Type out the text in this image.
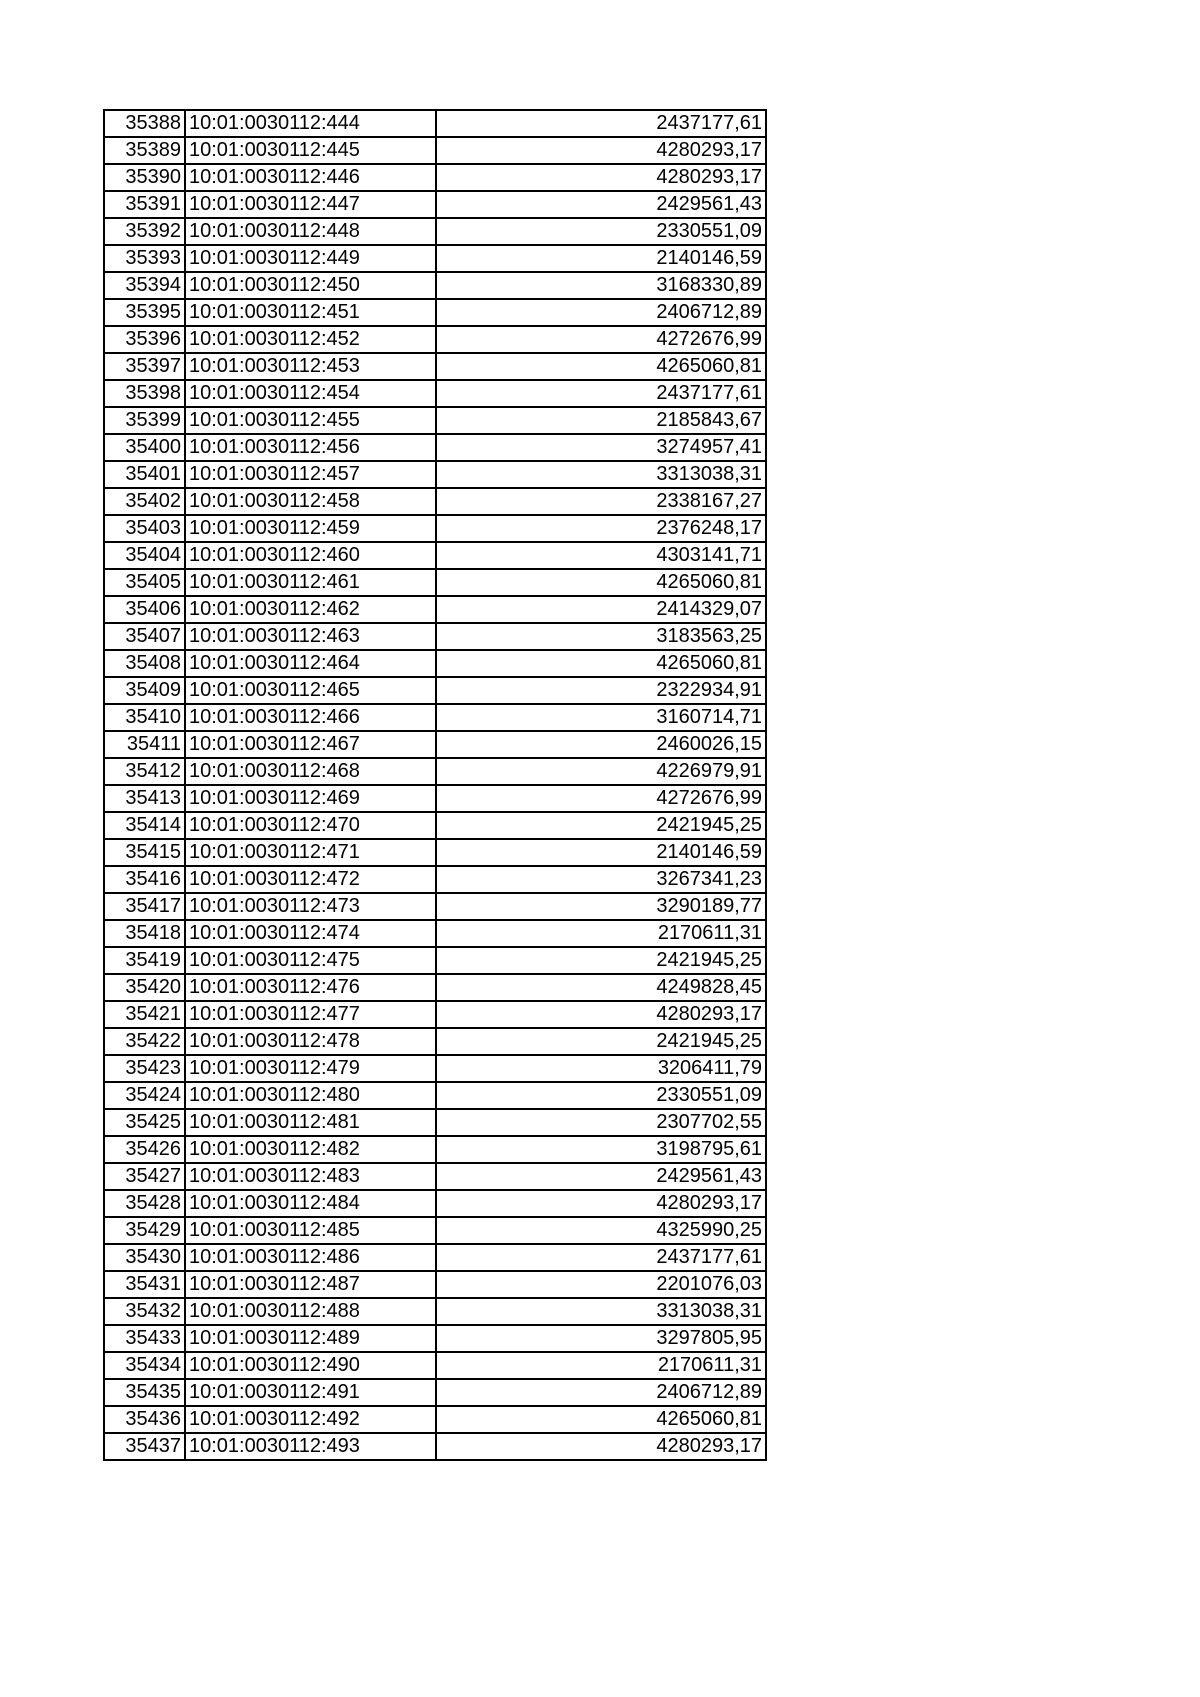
35388	10:01:0030112:444	2437177,61
35389	10:01:0030112:445	4280293,17
35390	10:01:0030112:446	4280293,17
35391	10:01:0030112:447	2429561,43
35392	10:01:0030112:448	2330551,09
35393	10:01:0030112:449	2140146,59
35394	10:01:0030112:450	3168330,89
35395	10:01:0030112:451	2406712,89
35396	10:01:0030112:452	4272676,99
35397	10:01:0030112:453	4265060,81
35398	10:01:0030112:454	2437177,61
35399	10:01:0030112:455	2185843,67
35400	10:01:0030112:456	3274957,41
35401	10:01:0030112:457	3313038,31
35402	10:01:0030112:458	2338167,27
35403	10:01:0030112:459	2376248,17
35404	10:01:0030112:460	4303141,71
35405	10:01:0030112:461	4265060,81
35406	10:01:0030112:462	2414329,07
35407	10:01:0030112:463	3183563,25
35408	10:01:0030112:464	4265060,81
35409	10:01:0030112:465	2322934,91
35410	10:01:0030112:466	3160714,71
35411	10:01:0030112:467	2460026,15
35412	10:01:0030112:468	4226979,91
35413	10:01:0030112:469	4272676,99
35414	10:01:0030112:470	2421945,25
35415	10:01:0030112:471	2140146,59
35416	10:01:0030112:472	3267341,23
35417	10:01:0030112:473	3290189,77
35418	10:01:0030112:474	2170611,31
35419	10:01:0030112:475	2421945,25
35420	10:01:0030112:476	4249828,45
35421	10:01:0030112:477	4280293,17
35422	10:01:0030112:478	2421945,25
35423	10:01:0030112:479	3206411,79
35424	10:01:0030112:480	2330551,09
35425	10:01:0030112:481	2307702,55
35426	10:01:0030112:482	3198795,61
35427	10:01:0030112:483	2429561,43
35428	10:01:0030112:484	4280293,17
35429	10:01:0030112:485	4325990,25
35430	10:01:0030112:486	2437177,61
35431	10:01:0030112:487	2201076,03
35432	10:01:0030112:488	3313038,31
35433	10:01:0030112:489	3297805,95
35434	10:01:0030112:490	2170611,31
35435	10:01:0030112:491	2406712,89
35436	10:01:0030112:492	4265060,81
35437	10:01:0030112:493	4280293,17
